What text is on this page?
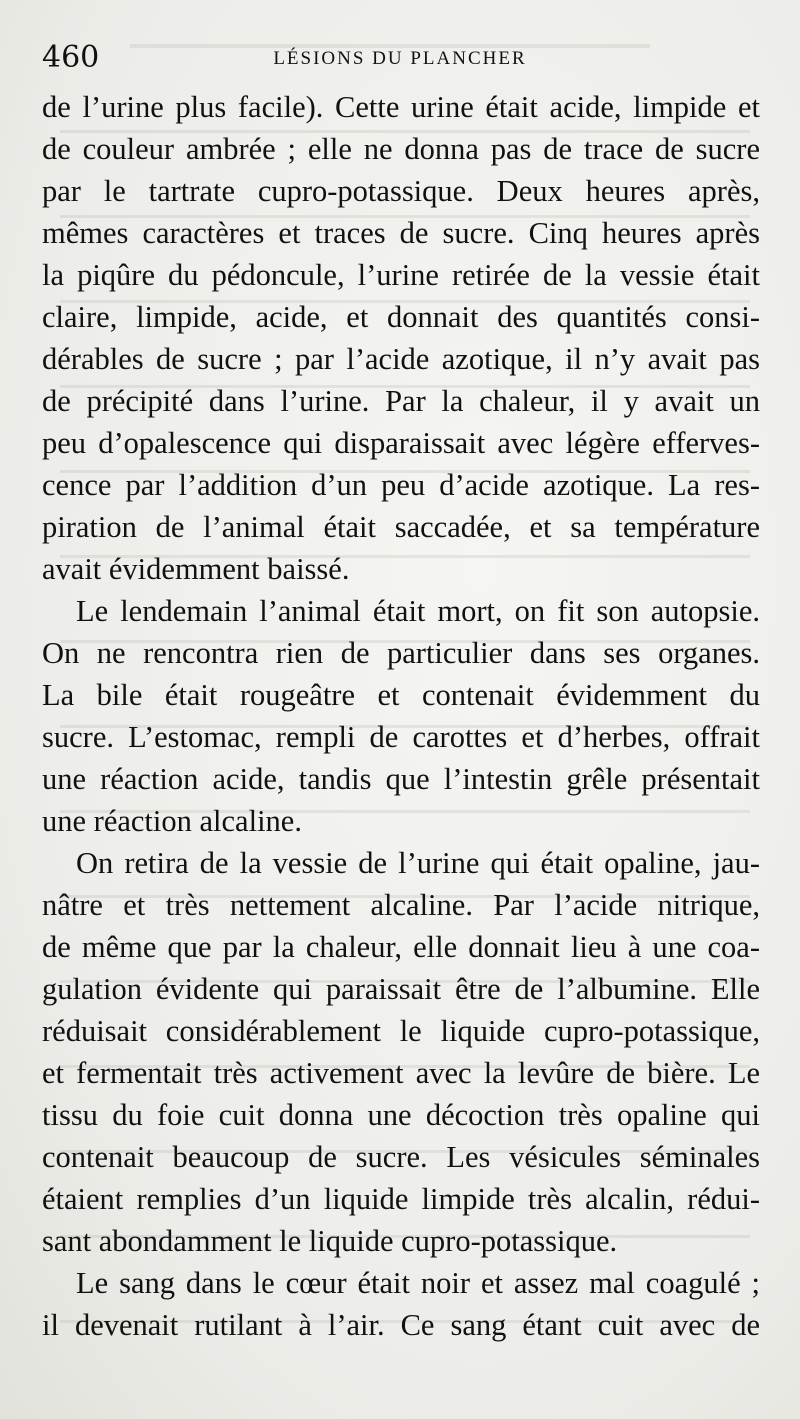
460	LÉSIONS DU PLANCHER
de l’urine plus facile). Cette urine était acide, limpide et
de couleur ambrée ; elle ne donna pas de trace de sucre
par le tartrate cupro-potassique. Deux heures après,
mêmes caractères et traces de sucre. Cinq heures après
la piqûre du pédoncule, l’urine retirée de la vessie était
claire, limpide, acide, et donnait des quantités consi-
dérables de sucre ; par l’acide azotique, il n’y avait pas
de précipité dans l’urine. Par la chaleur, il y avait un
peu d’opalescence qui disparaissait avec légère efferves-
cence par l’addition d’un peu d’acide azotique. La res-
piration de l’animal était saccadée, et sa température
avait évidemment baissé.
Le lendemain l’animal était mort, on fit son autopsie.
On ne rencontra rien de particulier dans ses organes.
La bile était rougeâtre et contenait évidemment du
sucre. L’estomac, rempli de carottes et d’herbes, offrait
une réaction acide, tandis que l’intestin grêle présentait
une réaction alcaline.
On retira de la vessie de l’urine qui était opaline, jau-
nâtre et très nettement alcaline. Par l’acide nitrique,
de même que par la chaleur, elle donnait lieu à une coa-
gulation évidente qui paraissait être de l’albumine. Elle
réduisait considérablement le liquide cupro-potassique,
et fermentait très activement avec la levûre de bière. Le
tissu du foie cuit donna une décoction très opaline qui
contenait beaucoup de sucre. Les vésicules séminales
étaient remplies d’un liquide limpide très alcalin, rédui-
sant abondamment le liquide cupro-potassique.
Le sang dans le cœur était noir et assez mal coagulé ;
il devenait rutilant à l’air. Ce sang étant cuit avec de
